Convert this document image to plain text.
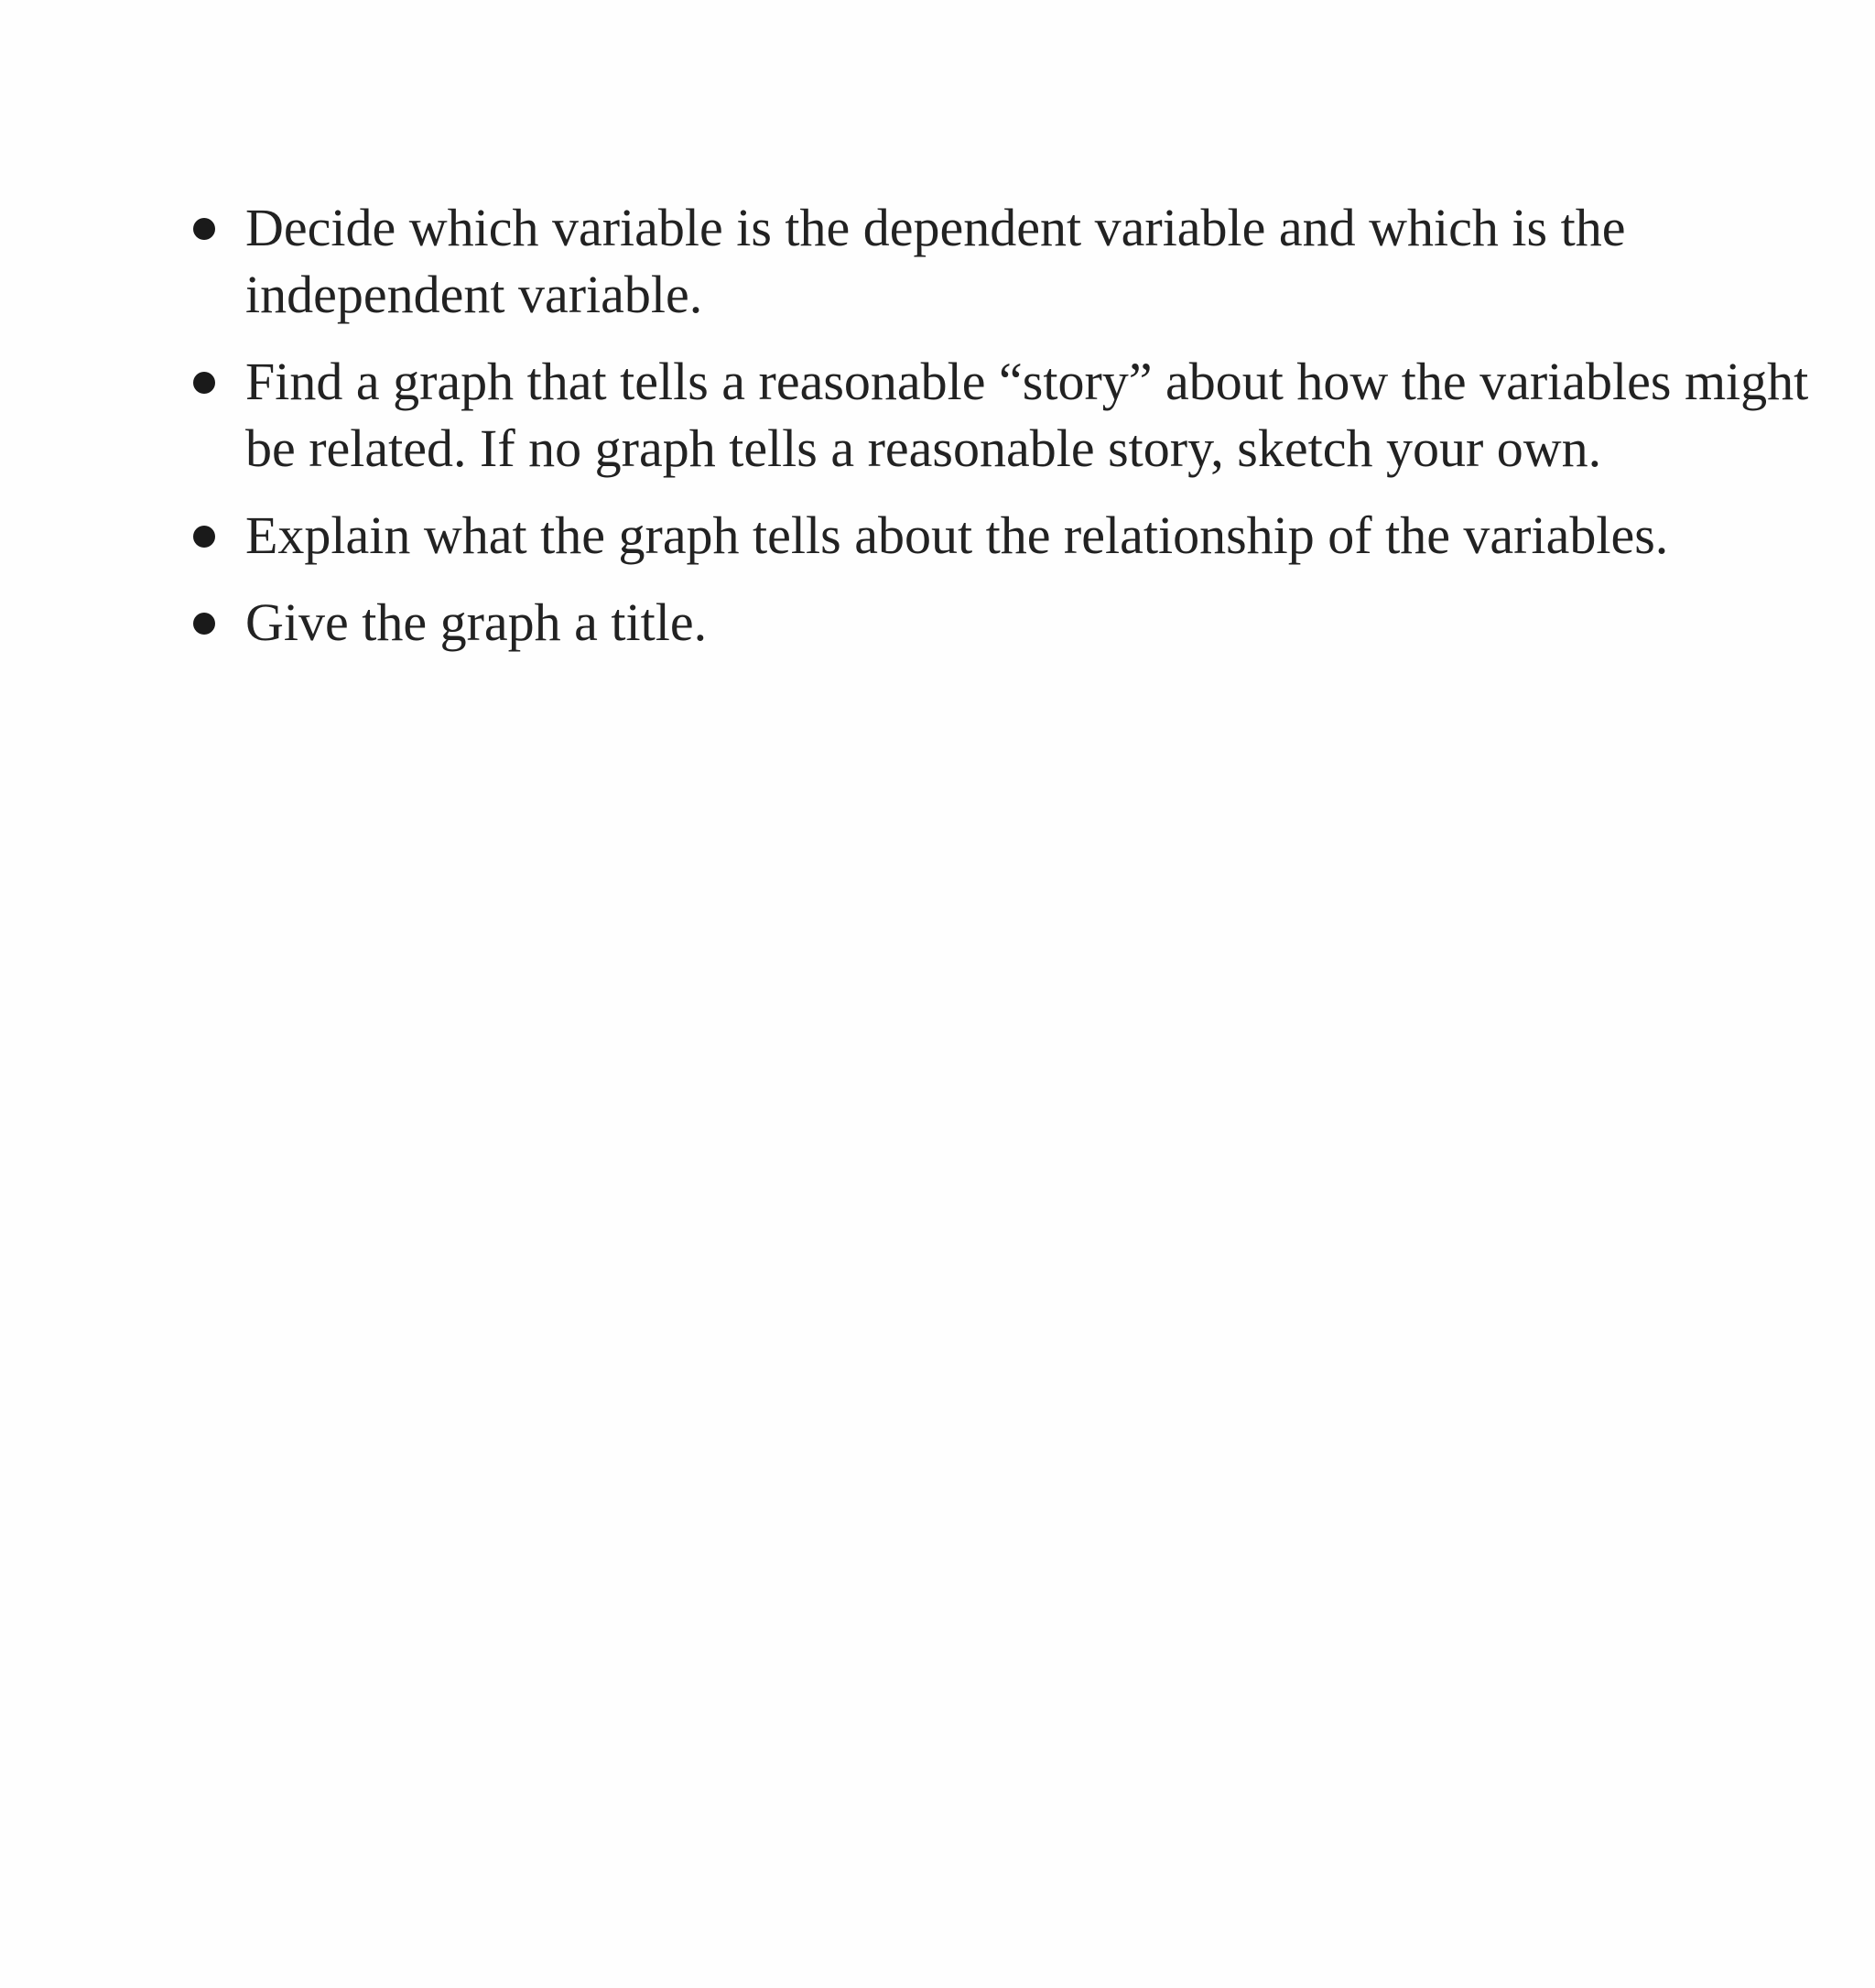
Decide which variable is the dependent variable and which is the independent variable.
Find a graph that tells a reasonable “story” about how the variables might be related. If no graph tells a reasonable story, sketch your own.
Explain what the graph tells about the relationship of the variables.
Give the graph a title.
